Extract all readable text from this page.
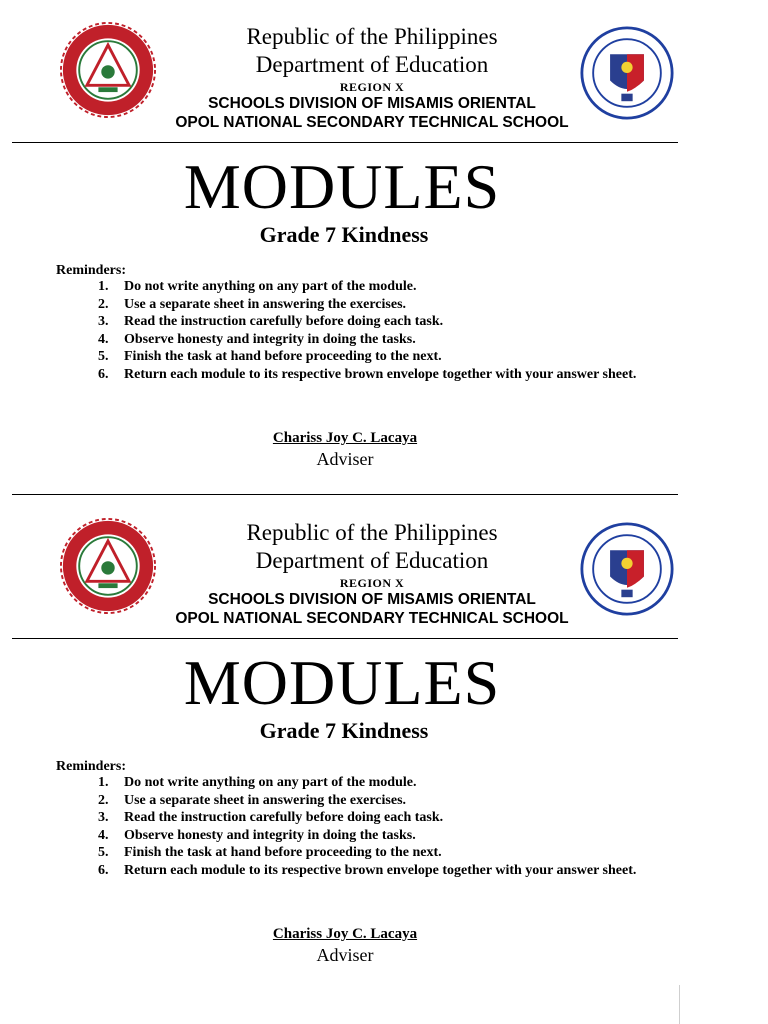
Republic of the Philippines
Department of Education
REGION X
SCHOOLS DIVISION OF MISAMIS ORIENTAL
OPOL NATIONAL SECONDARY TECHNICAL SCHOOL
MODULES
Grade 7 Kindness
Reminders:
1. Do not write anything on any part of the module.
2. Use a separate sheet in answering the exercises.
3. Read the instruction carefully before doing each task.
4. Observe honesty and integrity in doing the tasks.
5. Finish the task at hand before proceeding to the next.
6. Return each module to its respective brown envelope together with your answer sheet.
Chariss Joy C. Lacaya
Adviser
Republic of the Philippines
Department of Education
REGION X
SCHOOLS DIVISION OF MISAMIS ORIENTAL
OPOL NATIONAL SECONDARY TECHNICAL SCHOOL
MODULES
Grade 7 Kindness
Reminders:
1. Do not write anything on any part of the module.
2. Use a separate sheet in answering the exercises.
3. Read the instruction carefully before doing each task.
4. Observe honesty and integrity in doing the tasks.
5. Finish the task at hand before proceeding to the next.
6. Return each module to its respective brown envelope together with your answer sheet.
Chariss Joy C. Lacaya
Adviser
